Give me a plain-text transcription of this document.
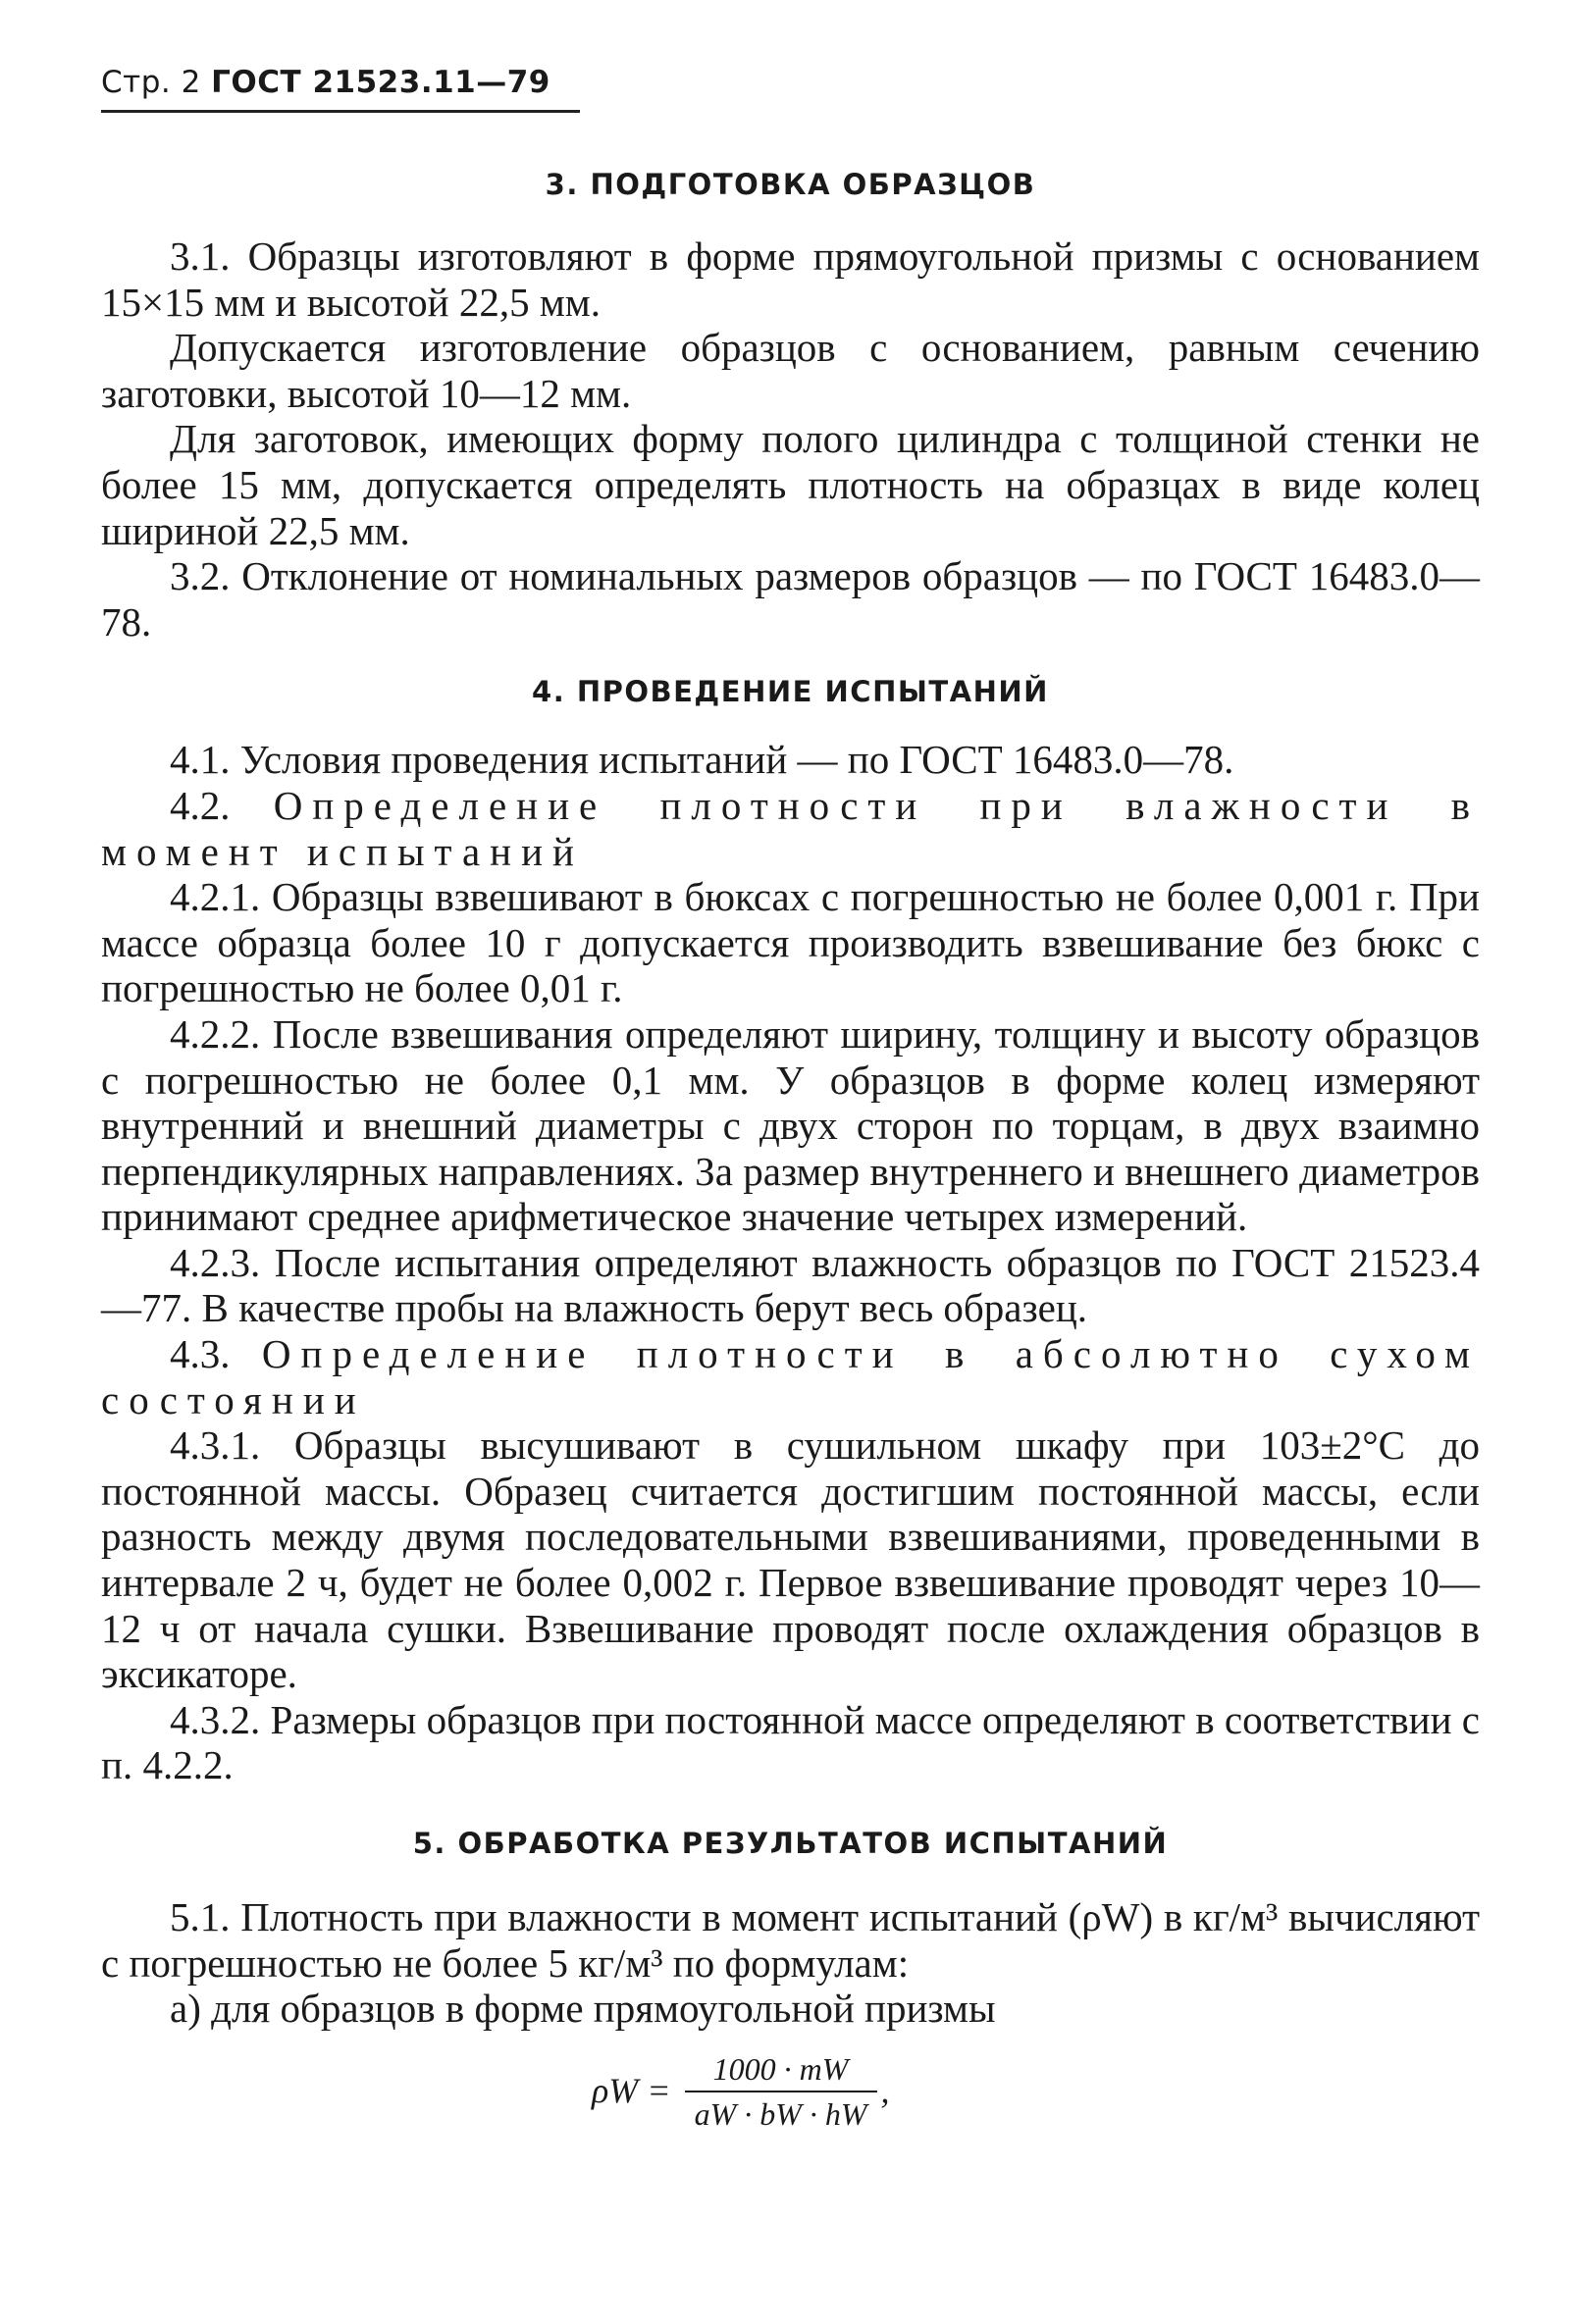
Стр. 2 ГОСТ 21523.11—79
3. ПОДГОТОВКА ОБРАЗЦОВ

3.1. Образцы изготовляют в форме прямоугольной призмы с основанием 15×15 мм и высотой 22,5 мм.

Допускается изготовление образцов с основанием, равным сечению заготовки, высотой 10—12 мм.

Для заготовок, имеющих форму полого цилиндра с толщиной стенки не более 15 мм, допускается определять плотность на образцах в виде колец шириной 22,5 мм.

3.2. Отклонение от номинальных размеров образцов — по ГОСТ 16483.0—78.

4. ПРОВЕДЕНИЕ ИСПЫТАНИЙ

4.1. Условия проведения испытаний — по ГОСТ 16483.0—78.

4.2. Определение плотности при влажности в момент испытаний

4.2.1. Образцы взвешивают в бюксах с погрешностью не более 0,001 г. При массе образца более 10 г допускается производить взвешивание без бюкс с погрешностью не более 0,01 г.

4.2.2. После взвешивания определяют ширину, толщину и высоту образцов с погрешностью не более 0,1 мм. У образцов в форме колец измеряют внутренний и внешний диаметры с двух сторон по торцам, в двух взаимно перпендикулярных направлениях. За размер внутреннего и внешнего диаметров принимают среднее арифметическое значение четырех измерений.

4.2.3. После испытания определяют влажность образцов по ГОСТ 21523.4—77. В качестве пробы на влажность берут весь образец.

4.3. Определение плотности в абсолютно сухом состоянии

4.3.1. Образцы высушивают в сушильном шкафу при 103±2°C до постоянной массы. Образец считается достигшим постоянной массы, если разность между двумя последовательными взвешиваниями, проведенными в интервале 2 ч, будет не более 0,002 г. Первое взвешивание проводят через 10—12 ч от начала сушки. Взвешивание проводят после охлаждения образцов в эксикаторе.

4.3.2. Размеры образцов при постоянной массе определяют в соответствии с п. 4.2.2.

5. ОБРАБОТКА РЕЗУЛЬТАТОВ ИСПЫТАНИЙ

5.1. Плотность при влажности в момент испытаний (ρW) в кг/м³ вычисляют с погрешностью не более 5 кг/м³ по формулам:

а) для образцов в форме прямоугольной призмы

$\rho W = \frac{1000 \cdot mW}{aW \cdot bW \cdot hW}$ ,
